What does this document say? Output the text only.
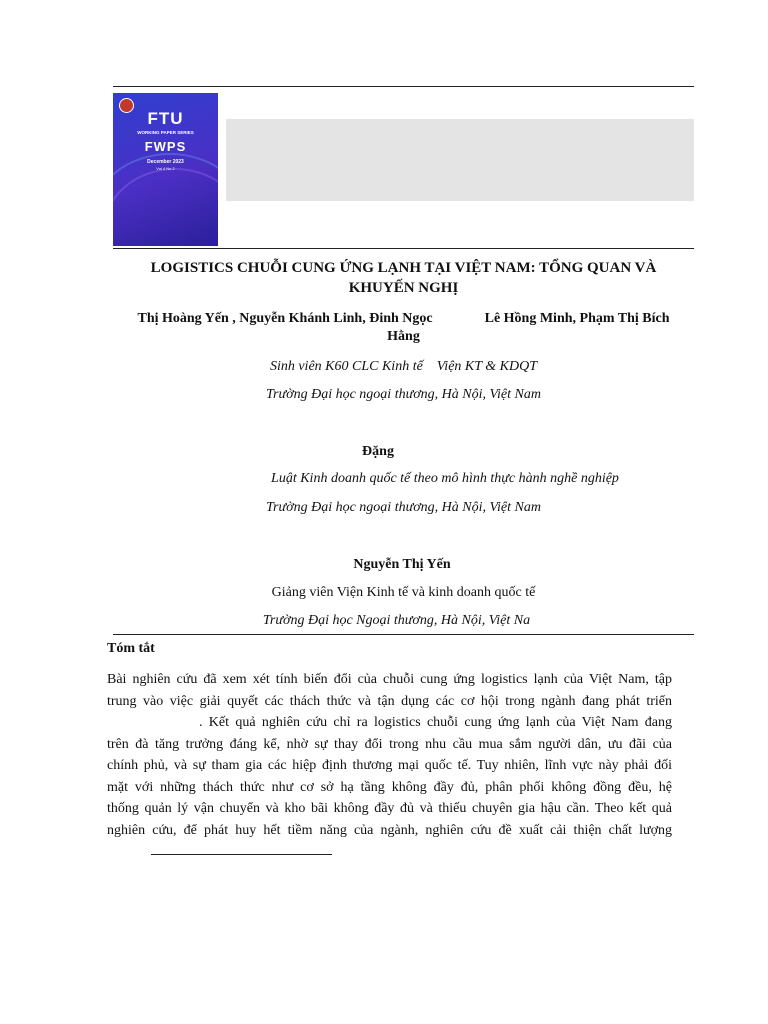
FTU
WORKING PAPER SERIES
FWPS
December 2023
Vol 4 No 2
LOGISTICS CHUỖI CUNG ỨNG LẠNH TẠI VIỆT NAM: TỔNG QUAN VÀ
KHUYẾN NGHỊ
Thị Hoàng Yến , Nguyễn Khánh Linh, Đinh Ngọc	Lê Hồng Minh, Phạm Thị Bích
Hằng
Sinh viên K60 CLC Kinh tế Viện KT & KDQT
Trường Đại học ngoại thương, Hà Nội, Việt Nam
Đặng
Luật Kinh doanh quốc tế theo mô hình thực hành nghề nghiệp
Trường Đại học ngoại thương, Hà Nội, Việt Nam
Nguyễn Thị Yến
Giảng viên Viện Kinh tế và kinh doanh quốc tế
Trường Đại học Ngoại thương, Hà Nội, Việt Na
Tóm tắt
Bài nghiên cứu đã xem xét tính biến đổi của chuỗi cung ứng logistics lạnh của Việt Nam, tập
trung vào việc giải quyết các thách thức và tận dụng các cơ hội trong ngành đang phát triển
. Kết quả nghiên cứu chỉ ra logistics chuỗi cung ứng lạnh của Việt Nam đang
trên đà tăng trưởng đáng kể, nhờ sự thay đổi trong nhu cầu mua sắm người dân, ưu đãi của
chính phủ, và sự tham gia các hiệp định thương mại quốc tế. Tuy nhiên, lĩnh vực này phải đối
mặt với những thách thức như cơ sở hạ tầng không đầy đủ, phân phối không đồng đều, hệ
thống quản lý vận chuyển và kho bãi không đầy đủ và thiếu chuyên gia hậu cần. Theo kết quả
nghiên cứu, để phát huy hết tiềm năng của ngành, nghiên cứu đề xuất cải thiện chất lượng
